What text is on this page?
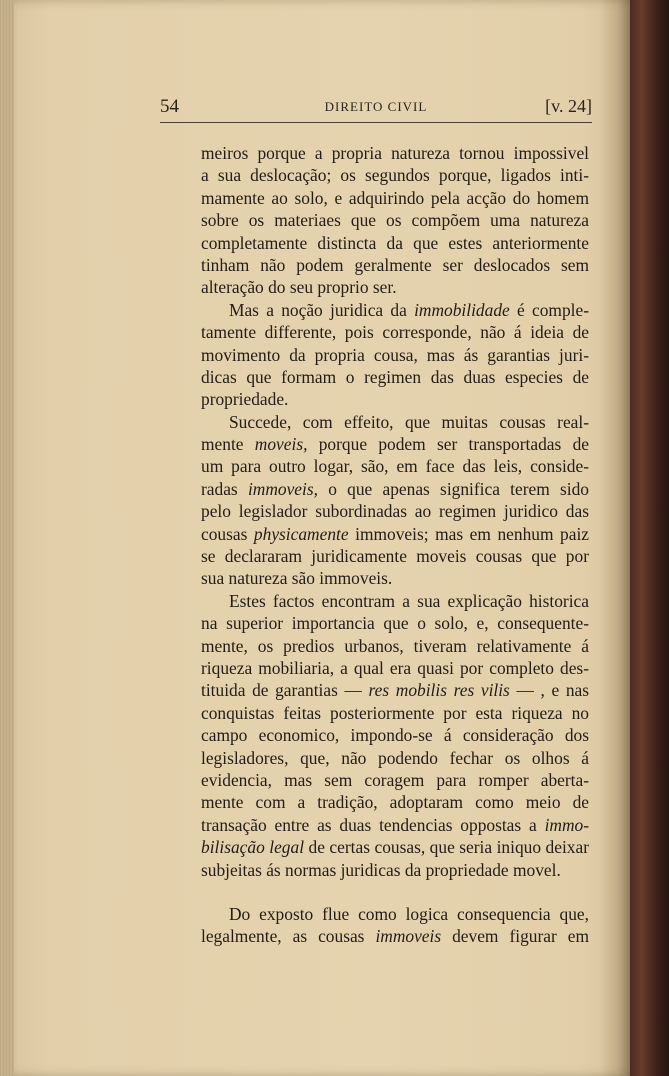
54	DIREITO CIVIL	[v. 24]
meiros porque a propria natureza tornou impossivel
a sua deslocação; os segundos porque, ligados inti-
mamente ao solo, e adquirindo pela acção do homem
sobre os materiaes que os compõem uma natureza
completamente distincta da que estes anteriormente
tinham não podem geralmente ser deslocados sem
alteração do seu proprio ser.
Mas a noção juridica da immobilidade é comple-
tamente differente, pois corresponde, não á ideia de
movimento da propria cousa, mas ás garantias juri-
dicas que formam o regimen das duas especies de
propriedade.
Succede, com effeito, que muitas cousas real-
mente moveis, porque podem ser transportadas de
um para outro logar, são, em face das leis, conside-
radas immoveis, o que apenas significa terem sido
pelo legislador subordinadas ao regimen juridico das
cousas physicamente immoveis; mas em nenhum paiz
se declararam juridicamente moveis cousas que por
sua natureza são immoveis.
Estes factos encontram a sua explicação historica
na superior importancia que o solo, e, consequente-
mente, os predios urbanos, tiveram relativamente á
riqueza mobiliaria, a qual era quasi por completo des-
tituida de garantias — res mobilis res vilis — , e nas
conquistas feitas posteriormente por esta riqueza no
campo economico, impondo-se á consideração dos
legisladores, que, não podendo fechar os olhos á
evidencia, mas sem coragem para romper aberta-
mente com a tradição, adoptaram como meio de
transação entre as duas tendencias oppostas a immo-
bilisação legal de certas cousas, que seria iniquo deixar
subjeitas ás normas juridicas da propriedade movel.
Do exposto flue como logica consequencia que,
legalmente, as cousas immoveis devem figurar em
